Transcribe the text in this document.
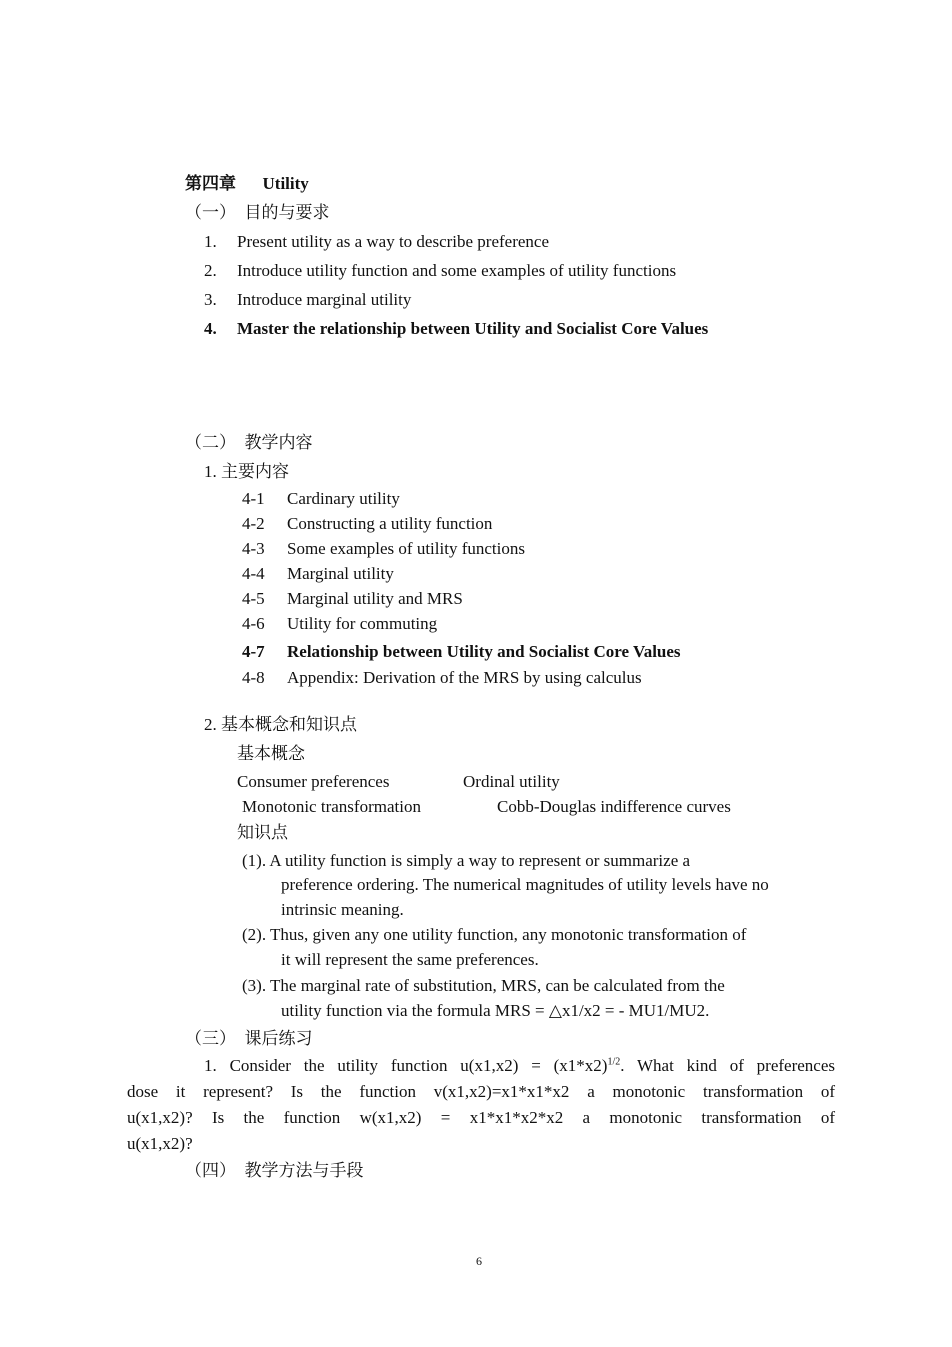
第四章 Utility
（一）　目的与要求
1. Present utility as a way to describe preference
2. Introduce utility function and some examples of utility functions
3. Introduce marginal utility
4. Master the relationship between Utility and Socialist Core Values
（二）　教学内容
1. 主要内容
4-1 Cardinary utility
4-2 Constructing a utility function
4-3 Some examples of utility functions
4-4 Marginal utility
4-5 Marginal utility and MRS
4-6 Utility for commuting
4-7 Relationship between Utility and Socialist Core Values
4-8 Appendix: Derivation of the MRS by using calculus
2. 基本概念和知识点
基本概念
Consumer preferences	Ordinal utility
Monotonic transformation	Cobb-Douglas indifference curves
知识点
(1). A utility function is simply a way to represent or summarize a
preference ordering. The numerical magnitudes of utility levels have no
intrinsic meaning.
(2). Thus, given any one utility function, any monotonic transformation of
it will represent the same preferences.
(3). The marginal rate of substitution, MRS, can be calculated from the
utility function via the formula MRS = △x1/x2 = - MU1/MU2.
（三）　课后练习
1. Consider the utility function $u(x1,x2) = (x1*x2)^{1/2}$. What kind of preferences
dose it represent? Is the function v(x1,x2)=x1*x1*x2 a monotonic transformation of
u(x1,x2)? Is the function w(x1,x2) = x1*x1*x2*x2 a monotonic transformation of
u(x1,x2)?
（四）　教学方法与手段
6
